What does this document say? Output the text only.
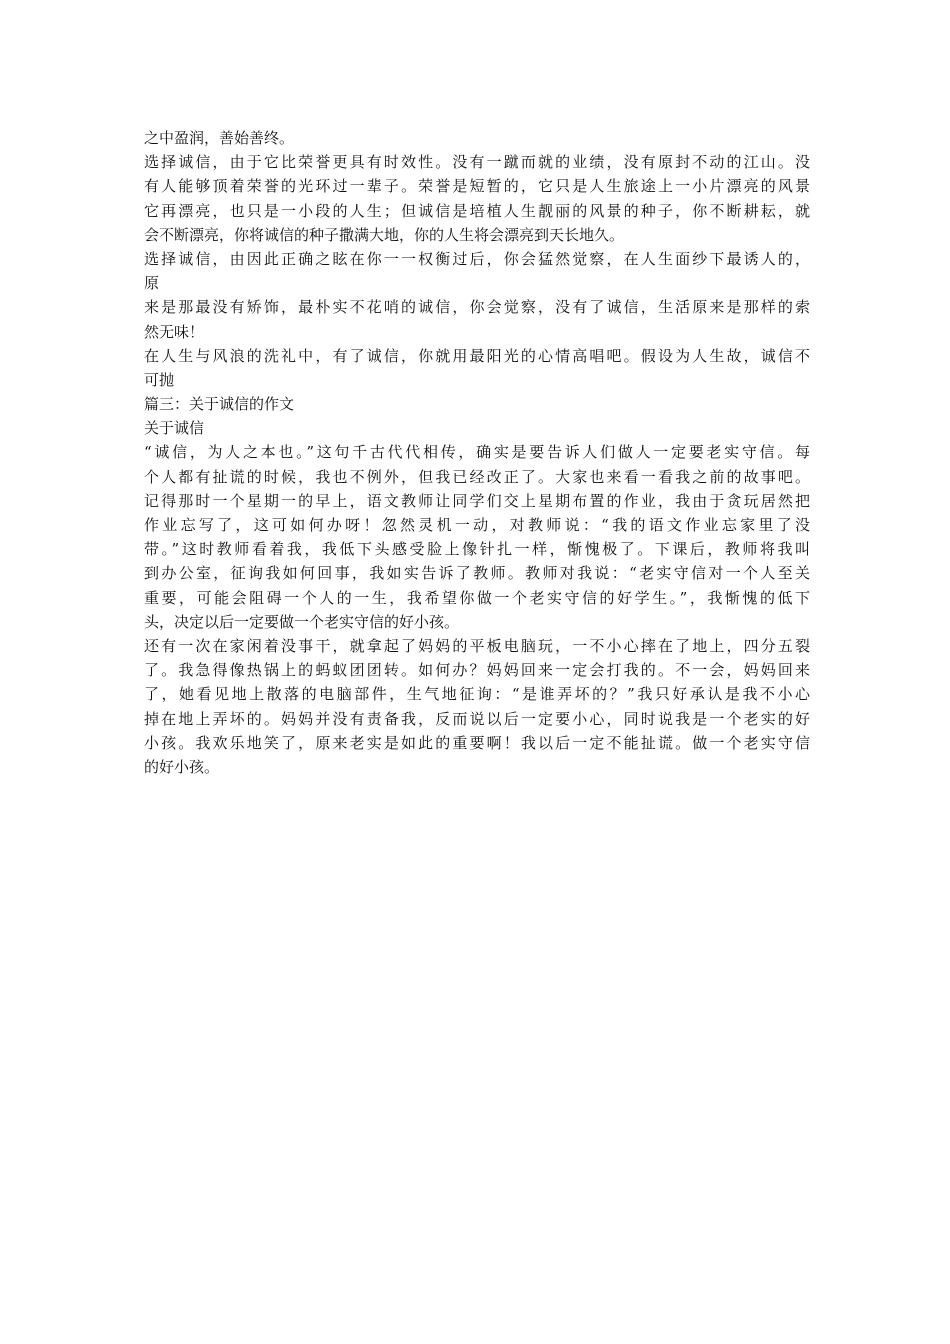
之中盈润，善始善终。
选择诚信，由于它比荣誉更具有时效性。没有一蹴而就的业绩，没有原封不动的江山。没
有人能够顶着荣誉的光环过一辈子。荣誉是短暂的，它只是人生旅途上一小片漂亮的风景
它再漂亮，也只是一小段的人生；但诚信是培植人生靓丽的风景的种子，你不断耕耘，就
会不断漂亮，你将诚信的种子撒满大地，你的人生将会漂亮到天长地久。
选择诚信，由因此正确之眩在你一一权衡过后，你会猛然觉察，在人生面纱下最诱人的，
原
来是那最没有矫饰，最朴实不花哨的诚信，你会觉察，没有了诚信，生活原来是那样的索
然无味！
在人生与风浪的洗礼中，有了诚信，你就用最阳光的心情高唱吧。假设为人生故，诚信不
可抛
篇三：关于诚信的作文
关于诚信
“诚信，为人之本也。”这句千古代代相传，确实是要告诉人们做人一定要老实守信。每
个人都有扯谎的时候，我也不例外，但我已经改正了。大家也来看一看我之前的故事吧。
记得那时一个星期一的早上，语文教师让同学们交上星期布置的作业，我由于贪玩居然把
作业忘写了，这可如何办呀！忽然灵机一动，对教师说：“我的语文作业忘家里了没
带。”这时教师看着我，我低下头感受脸上像针扎一样，惭愧极了。下课后，教师将我叫
到办公室，征询我如何回事，我如实告诉了教师。教师对我说：“老实守信对一个人至关
重要，可能会阻碍一个人的一生，我希望你做一个老实守信的好学生。”，我惭愧的低下
头，决定以后一定要做一个老实守信的好小孩。
还有一次在家闲着没事干，就拿起了妈妈的平板电脑玩，一不小心摔在了地上，四分五裂
了。我急得像热锅上的蚂蚁团团转。如何办？妈妈回来一定会打我的。不一会，妈妈回来
了，她看见地上散落的电脑部件，生气地征询：“是谁弄坏的？”我只好承认是我不小心
掉在地上弄坏的。妈妈并没有责备我，反而说以后一定要小心，同时说我是一个老实的好
小孩。我欢乐地笑了，原来老实是如此的重要啊！我以后一定不能扯谎。做一个老实守信
的好小孩。
